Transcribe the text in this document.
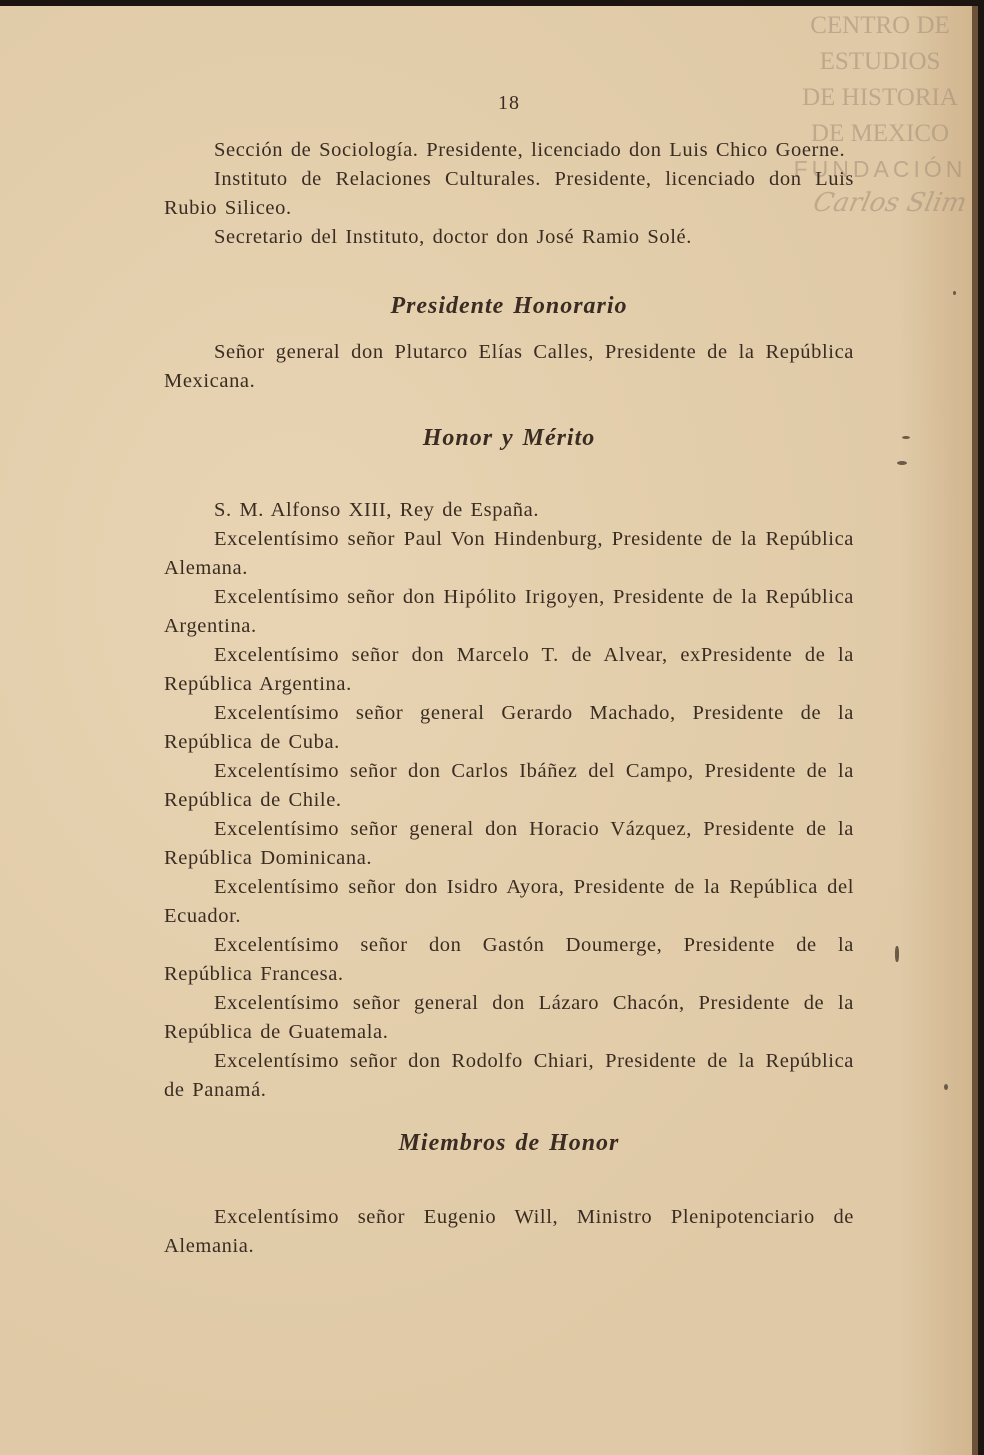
CENTRO DE
ESTUDIOS
DE HISTORIA
DE MEXICO
FUNDACIÓN
Carlos Slim
18

Sección de Sociología. Presidente, licenciado don Luis Chico Goerne.

Instituto de Relaciones Culturales. Presidente, licenciado don Luis Rubio Siliceo.

Secretario del Instituto, doctor don José Ramio Solé.

Presidente Honorario

Señor general don Plutarco Elías Calles, Presidente de la República Mexicana.

Honor y Mérito

S. M. Alfonso XIII, Rey de España.

Excelentísimo señor Paul Von Hindenburg, Presidente de la República Alemana.

Excelentísimo señor don Hipólito Irigoyen, Presidente de la República Argentina.

Excelentísimo señor don Marcelo T. de Alvear, exPresidente de la República Argentina.

Excelentísimo señor general Gerardo Machado, Presidente de la República de Cuba.

Excelentísimo señor don Carlos Ibáñez del Campo, Presidente de la República de Chile.

Excelentísimo señor general don Horacio Vázquez, Presidente de la República Dominicana.

Excelentísimo señor don Isidro Ayora, Presidente de la República del Ecuador.

Excelentísimo señor don Gastón Doumerge, Presidente de la República Francesa.

Excelentísimo señor general don Lázaro Chacón, Presidente de la República de Guatemala.

Excelentísimo señor don Rodolfo Chiari, Presidente de la República de Panamá.

Miembros de Honor

Excelentísimo señor Eugenio Will, Ministro Plenipotenciario de Alemania.
